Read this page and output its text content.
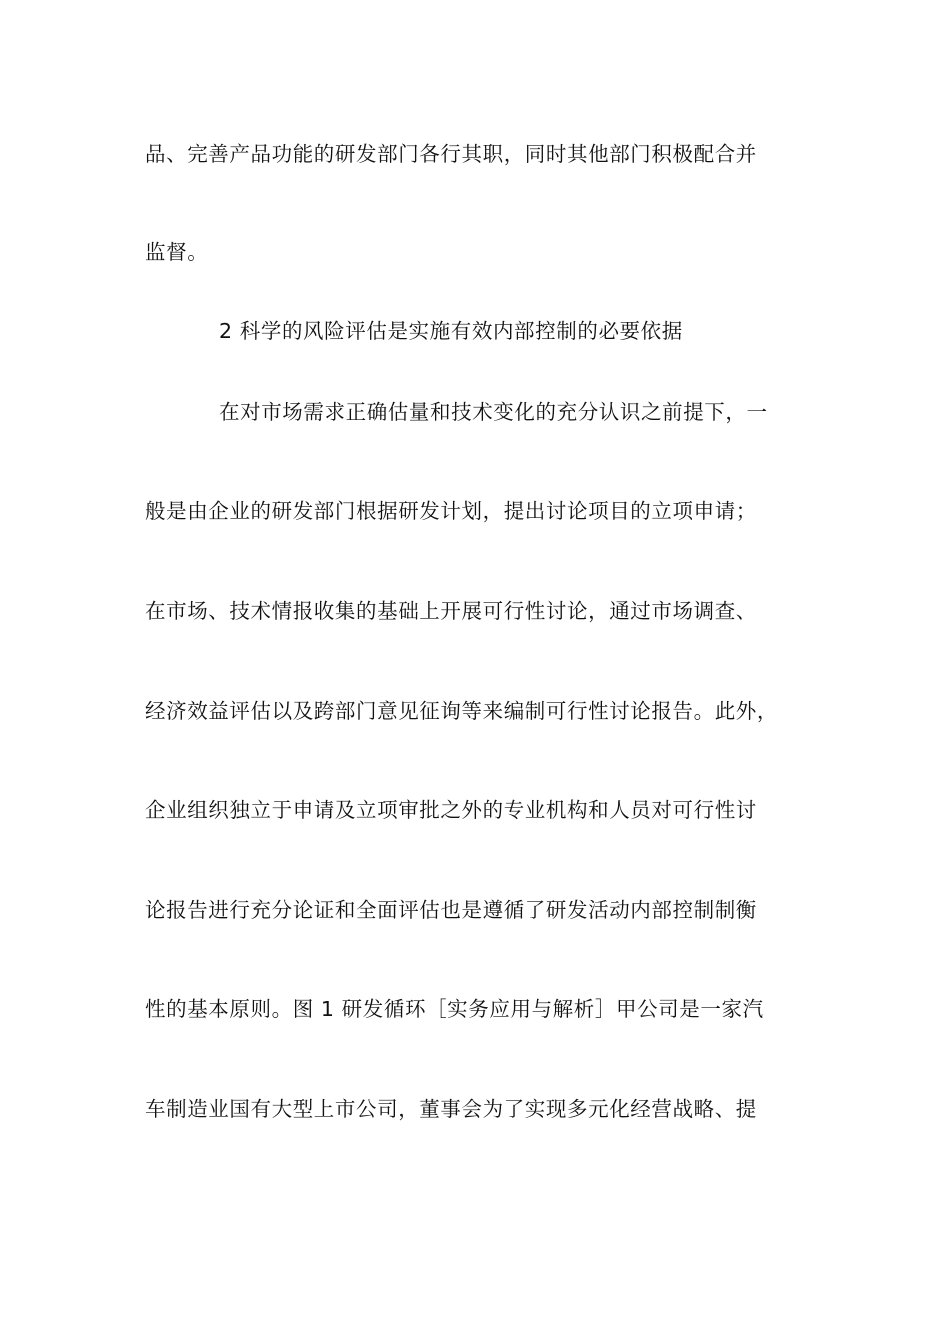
品、完善产品功能的研发部门各行其职，同时其他部门积极配合并
监督。
2 科学的风险评估是实施有效内部控制的必要依据
在对市场需求正确估量和技术变化的充分认识之前提下，一
般是由企业的研发部门根据研发计划，提出讨论项目的立项申请；
在市场、技术情报收集的基础上开展可行性讨论，通过市场调查、
经济效益评估以及跨部门意见征询等来编制可行性讨论报告。此外，
企业组织独立于申请及立项审批之外的专业机构和人员对可行性讨
论报告进行充分论证和全面评估也是遵循了研发活动内部控制制衡
性的基本原则。图 1 研发循环［实务应用与解析］甲公司是一家汽
车制造业国有大型上市公司，董事会为了实现多元化经营战略、提
